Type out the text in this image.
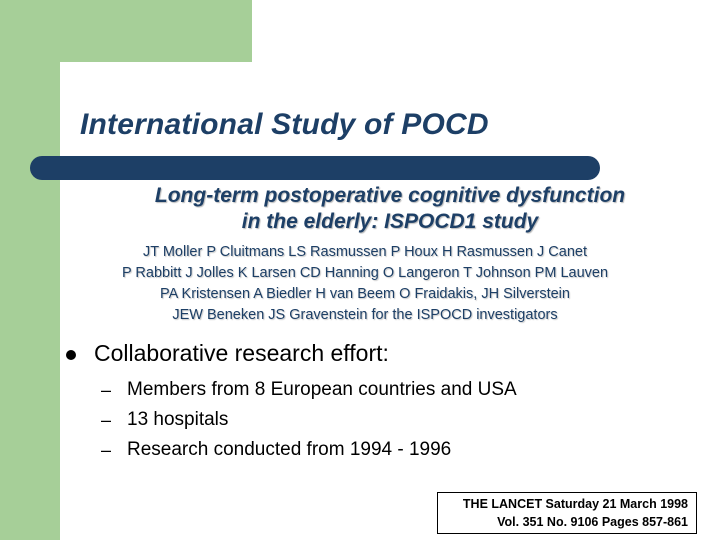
International Study of POCD
Long-term postoperative cognitive dysfunction
in the elderly: ISPOCD1 study
JT Moller P Cluitmans LS Rasmussen P Houx H Rasmussen J Canet
P Rabbitt J Jolles K Larsen CD Hanning O Langeron T Johnson PM Lauven
PA Kristensen A Biedler H van Beem O Fraidakis, JH Silverstein
JEW Beneken JS Gravenstein for the ISPOCD investigators
Collaborative research effort:
– Members from 8 European countries and USA
– 13 hospitals
– Research conducted from 1994 - 1996
THE LANCET Saturday 21 March 1998
Vol. 351 No. 9106 Pages 857-861
